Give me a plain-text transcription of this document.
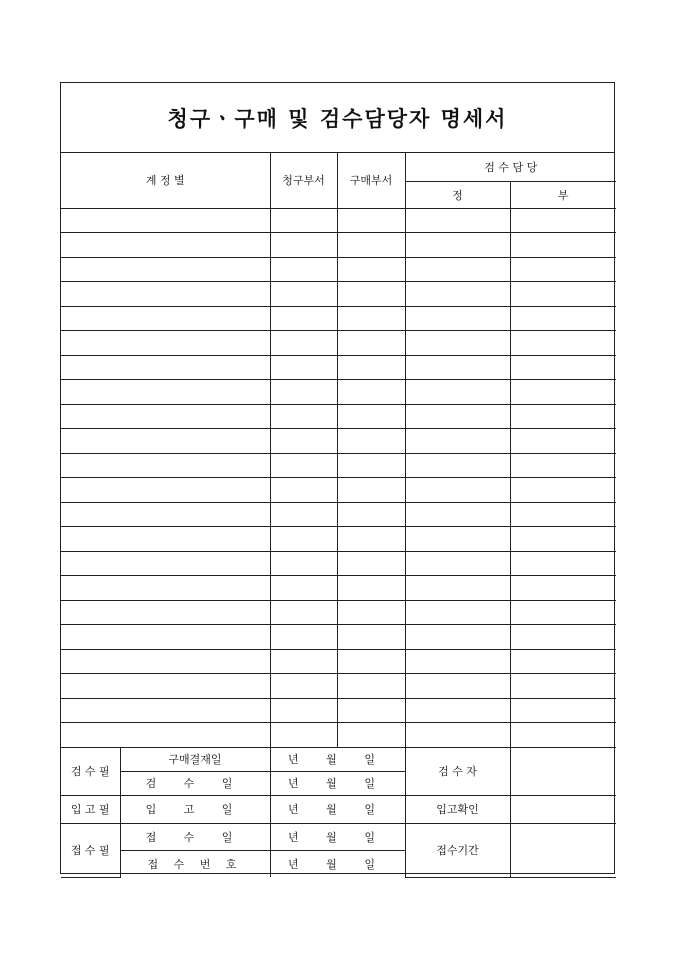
청구ㆍ구매 및 검수담당자 명세서
계 정 별		청구부서	구매부서	검 수 담 당	
				정	부

검 수 필	구매결재일	년 월 일		검 수 자	
	검 수 일	년 월 일			
입 고 필	입 고 일	년 월 일		입고확인	
접 수 필	접 수 일	년 월 일		접수기간	
	접 수 번 호	년 월 일			
